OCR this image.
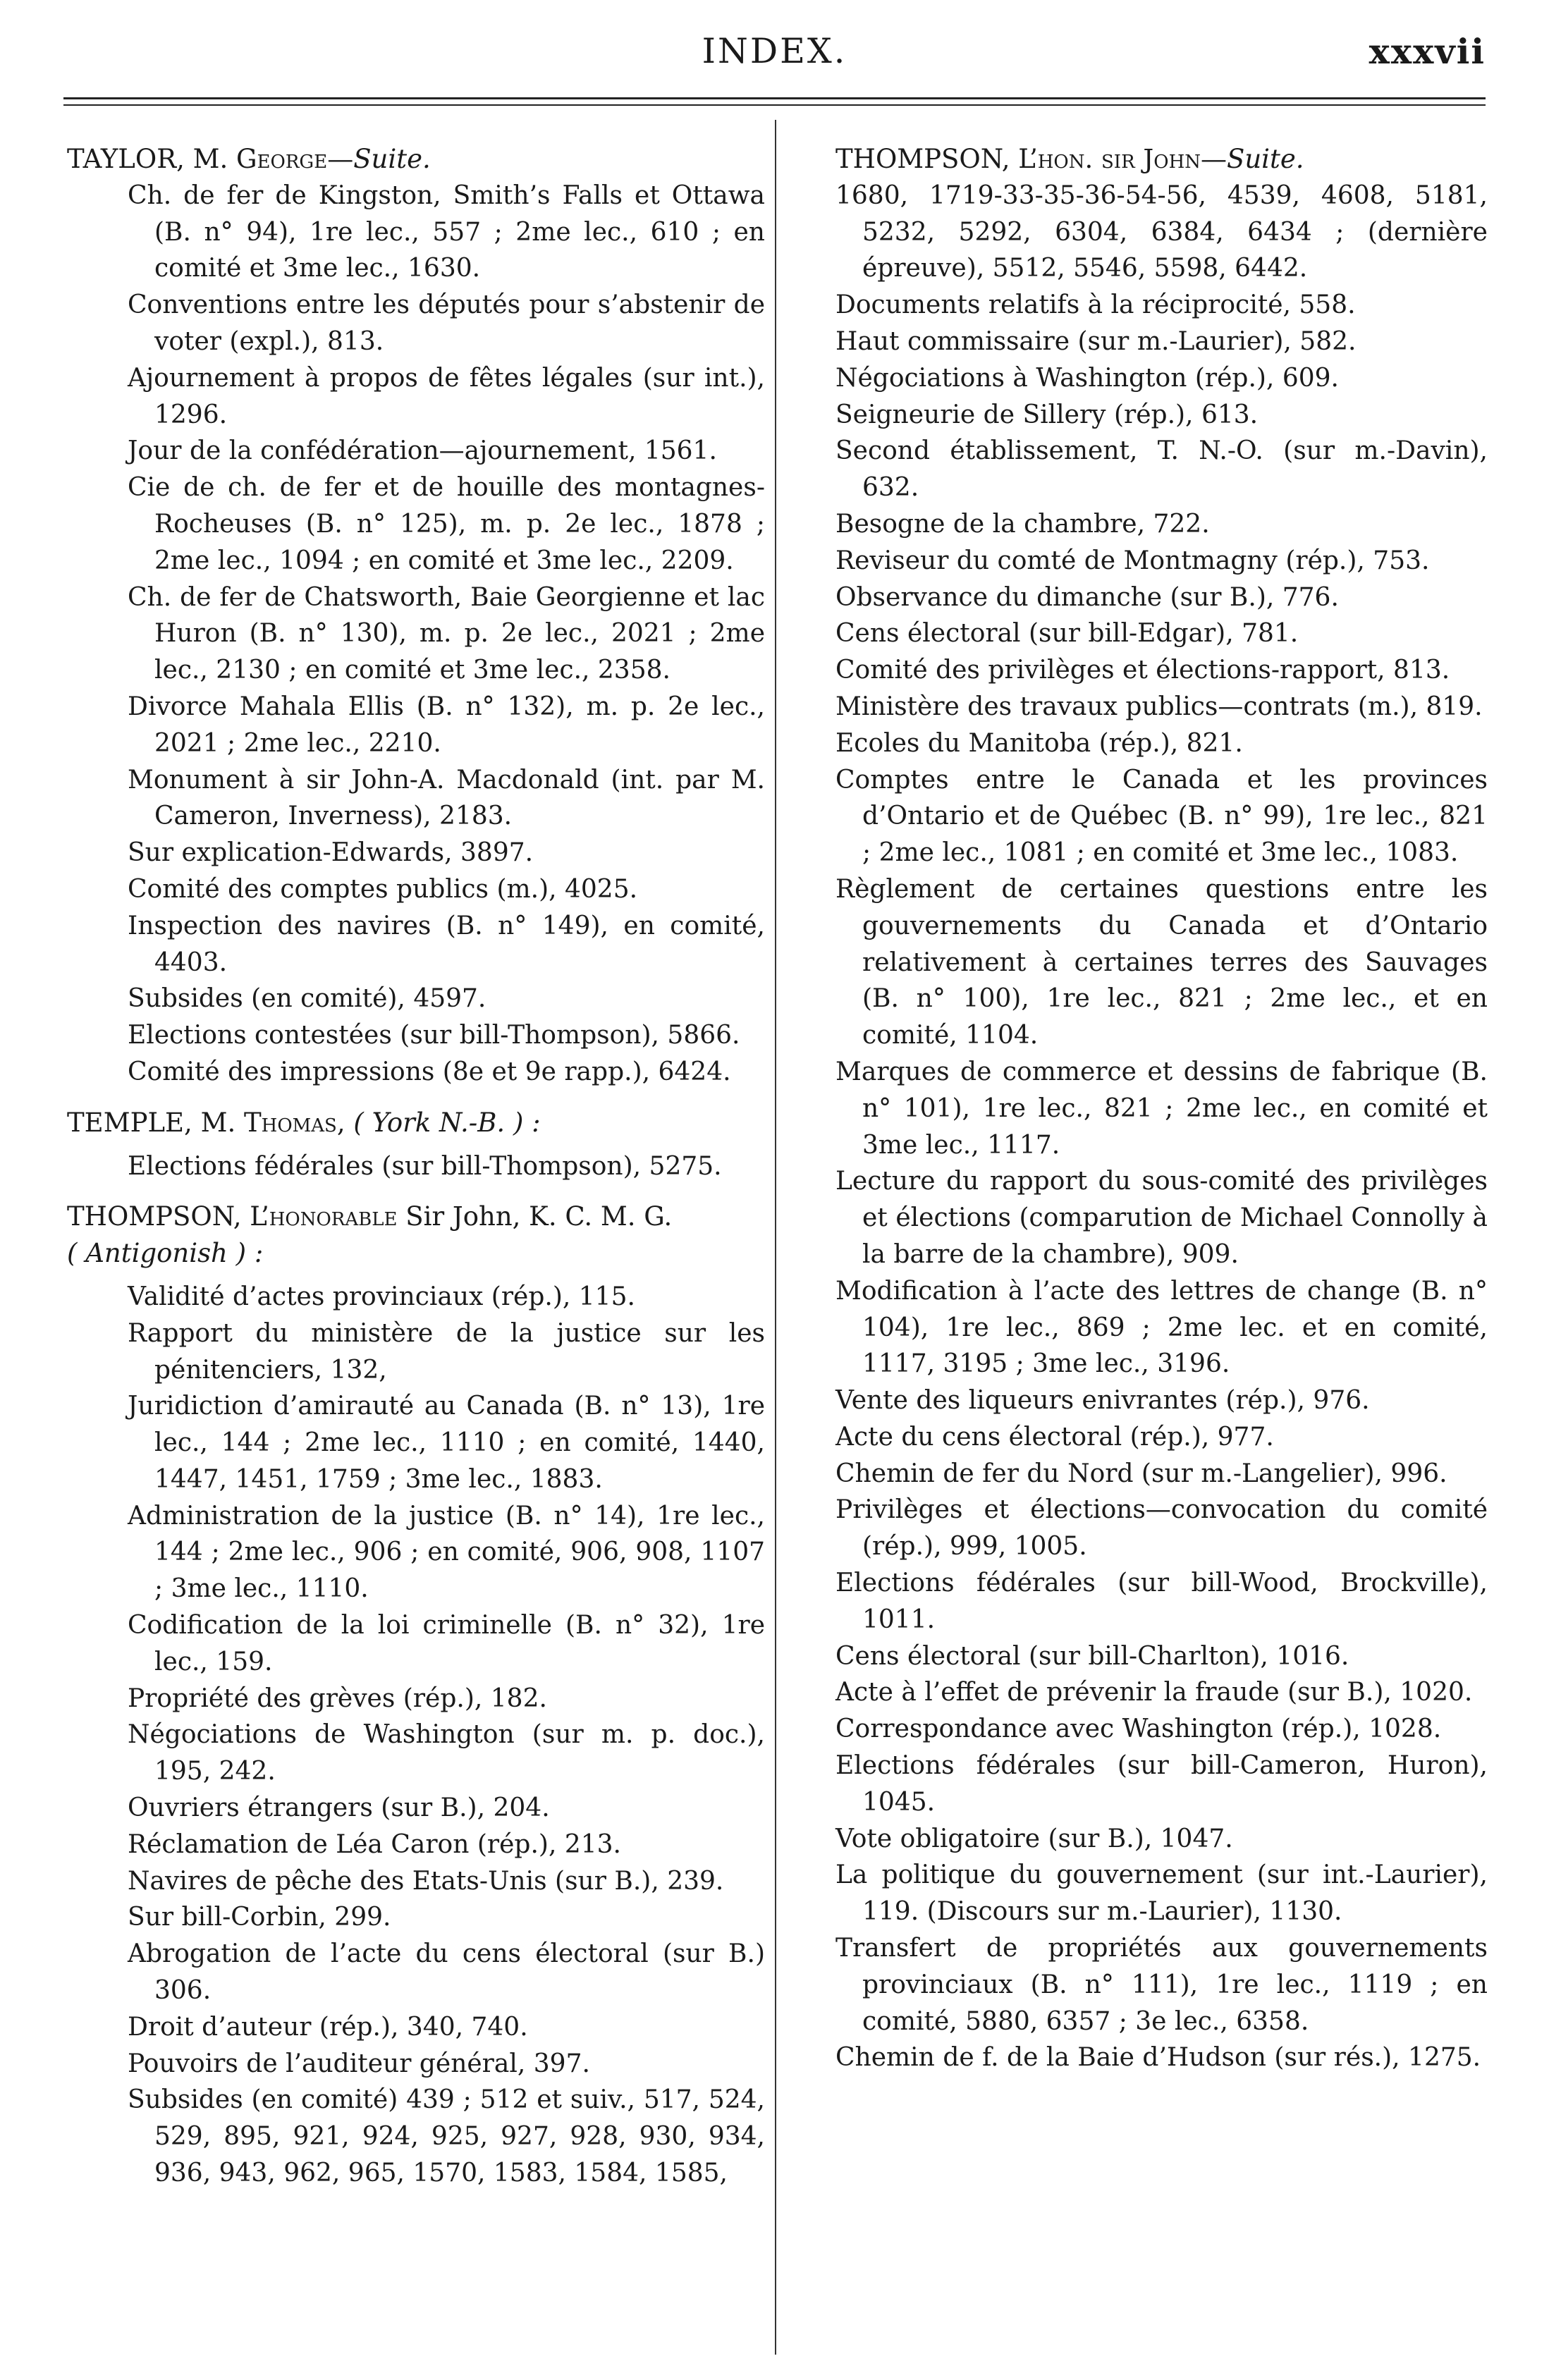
INDEX.	xxxvii

TAYLOR, M. George—Suite.

Ch. de fer de Kingston, Smith’s Falls et Ottawa (B. n° 94), 1re lec., 557 ; 2me lec., 610 ; en comité et 3me lec., 1630.

Conventions entre les députés pour s’abstenir de voter (expl.), 813.

Ajournement à propos de fêtes légales (sur int.), 1296.

Jour de la confédération—ajournement, 1561.

Cie de ch. de fer et de houille des montagnes-Rocheuses (B. n° 125), m. p. 2e lec., 1878 ; 2me lec., 1094 ; en comité et 3me lec., 2209.

Ch. de fer de Chatsworth, Baie Georgienne et lac Huron (B. n° 130), m. p. 2e lec., 2021 ; 2me lec., 2130 ; en comité et 3me lec., 2358.

Divorce Mahala Ellis (B. n° 132), m. p. 2e lec., 2021 ; 2me lec., 2210.

Monument à sir John-A. Macdonald (int. par M. Cameron, Inverness), 2183.

Sur explication-Edwards, 3897.

Comité des comptes publics (m.), 4025.

Inspection des navires (B. n° 149), en comité, 4403.

Subsides (en comité), 4597.

Elections contestées (sur bill-Thompson), 5866.

Comité des impressions (8e et 9e rapp.), 6424.

TEMPLE, M. Thomas, ( York N.-B. ) :

Elections fédérales (sur bill-Thompson), 5275.

THOMPSON, L’honorable Sir John, K. C. M. G.

( Antigonish ) :

Validité d’actes provinciaux (rép.), 115.

Rapport du ministère de la justice sur les pénitenciers, 132,

Juridiction d’amirauté au Canada (B. n° 13), 1re lec., 144 ; 2me lec., 1110 ; en comité, 1440, 1447, 1451, 1759 ; 3me lec., 1883.

Administration de la justice (B. n° 14), 1re lec., 144 ; 2me lec., 906 ; en comité, 906, 908, 1107 ; 3me lec., 1110.

Codification de la loi criminelle (B. n° 32), 1re lec., 159.

Propriété des grèves (rép.), 182.

Négociations de Washington (sur m. p. doc.), 195, 242.

Ouvriers étrangers (sur B.), 204.

Réclamation de Léa Caron (rép.), 213.

Navires de pêche des Etats-Unis (sur B.), 239.

Sur bill-Corbin, 299.

Abrogation de l’acte du cens électoral (sur B.) 306.

Droit d’auteur (rép.), 340, 740.

Pouvoirs de l’auditeur général, 397.

Subsides (en comité) 439 ; 512 et suiv., 517, 524, 529, 895, 921, 924, 925, 927, 928, 930, 934, 936, 943, 962, 965, 1570, 1583, 1584, 1585,

THOMPSON, L’hon. sir John—Suite.

1680, 1719-33-35-36-54-56, 4539, 4608, 5181, 5232, 5292, 6304, 6384, 6434 ; (dernière épreuve), 5512, 5546, 5598, 6442.

Documents relatifs à la réciprocité, 558.

Haut commissaire (sur m.-Laurier), 582.

Négociations à Washington (rép.), 609.

Seigneurie de Sillery (rép.), 613.

Second établissement, T. N.-O. (sur m.-Davin), 632.

Besogne de la chambre, 722.

Reviseur du comté de Montmagny (rép.), 753.

Observance du dimanche (sur B.), 776.

Cens électoral (sur bill-Edgar), 781.

Comité des privilèges et élections-rapport, 813.

Ministère des travaux publics—contrats (m.), 819.

Ecoles du Manitoba (rép.), 821.

Comptes entre le Canada et les provinces d’Ontario et de Québec (B. n° 99), 1re lec., 821 ; 2me lec., 1081 ; en comité et 3me lec., 1083.

Règlement de certaines questions entre les gouvernements du Canada et d’Ontario relativement à certaines terres des Sauvages (B. n° 100), 1re lec., 821 ; 2me lec., et en comité, 1104.

Marques de commerce et dessins de fabrique (B. n° 101), 1re lec., 821 ; 2me lec., en comité et 3me lec., 1117.

Lecture du rapport du sous-comité des privilèges et élections (comparution de Michael Connolly à la barre de la chambre), 909.

Modification à l’acte des lettres de change (B. n° 104), 1re lec., 869 ; 2me lec. et en comité, 1117, 3195 ; 3me lec., 3196.

Vente des liqueurs enivrantes (rép.), 976.

Acte du cens électoral (rép.), 977.

Chemin de fer du Nord (sur m.-Langelier), 996.

Privilèges et élections—convocation du comité (rép.), 999, 1005.

Elections fédérales (sur bill-Wood, Brockville), 1011.

Cens électoral (sur bill-Charlton), 1016.

Acte à l’effet de prévenir la fraude (sur B.), 1020.

Correspondance avec Washington (rép.), 1028.

Elections fédérales (sur bill-Cameron, Huron), 1045.

Vote obligatoire (sur B.), 1047.

La politique du gouvernement (sur int.-Laurier), 119. (Discours sur m.-Laurier), 1130.

Transfert de propriétés aux gouvernements provinciaux (B. n° 111), 1re lec., 1119 ; en comité, 5880, 6357 ; 3e lec., 6358.

Chemin de f. de la Baie d’Hudson (sur rés.), 1275.
